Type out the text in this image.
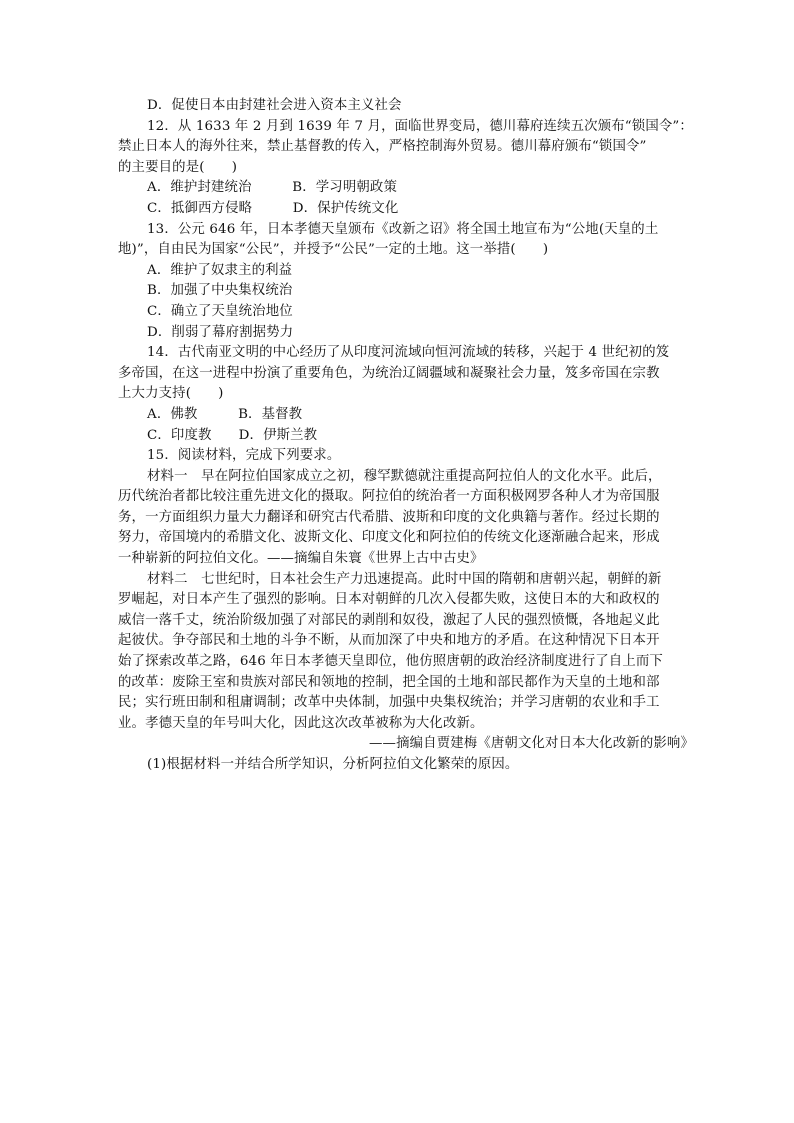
D．促使日本由封建社会进入资本主义社会
12．从 1633 年 2 月到 1639 年 7 月，面临世界变局，德川幕府连续五次颁布“锁国令”：
禁止日本人的海外往来，禁止基督教的传入，严格控制海外贸易。德川幕府颁布“锁国令”
的主要目的是(　　)
A．维护封建统治　　　B．学习明朝政策
C．抵御西方侵略　　　D．保护传统文化
13．公元 646 年，日本孝德天皇颁布《改新之诏》将全国土地宣布为“公地(天皇的土
地)”，自由民为国家“公民”，并授予“公民”一定的土地。这一举措(　　)
A．维护了奴隶主的利益
B．加强了中央集权统治
C．确立了天皇统治地位
D．削弱了幕府割据势力
14．古代南亚文明的中心经历了从印度河流域向恒河流域的转移，兴起于 4 世纪初的笈
多帝国，在这一进程中扮演了重要角色，为统治辽阔疆域和凝聚社会力量，笈多帝国在宗教
上大力支持(　　)
A．佛教　　　B．基督教
C．印度教　　D．伊斯兰教
15．阅读材料，完成下列要求。
材料一　早在阿拉伯国家成立之初，穆罕默德就注重提高阿拉伯人的文化水平。此后，
历代统治者都比较注重先进文化的摄取。阿拉伯的统治者一方面积极网罗各种人才为帝国服
务，一方面组织力量大力翻译和研究古代希腊、波斯和印度的文化典籍与著作。经过长期的
努力，帝国境内的希腊文化、波斯文化、印度文化和阿拉伯的传统文化逐渐融合起来，形成
一种崭新的阿拉伯文化。——摘编自朱寰《世界上古中古史》
材料二　七世纪时，日本社会生产力迅速提高。此时中国的隋朝和唐朝兴起，朝鲜的新
罗崛起，对日本产生了强烈的影响。日本对朝鲜的几次入侵都失败，这使日本的大和政权的
威信一落千丈，统治阶级加强了对部民的剥削和奴役，激起了人民的强烈愤慨，各地起义此
起彼伏。争夺部民和土地的斗争不断，从而加深了中央和地方的矛盾。在这种情况下日本开
始了探索改革之路，646 年日本孝德天皇即位，他仿照唐朝的政治经济制度进行了自上而下
的改革：废除王室和贵族对部民和领地的控制，把全国的土地和部民都作为天皇的土地和部
民；实行班田制和租庸调制；改革中央体制，加强中央集权统治；并学习唐朝的农业和手工
业。孝德天皇的年号叫大化，因此这次改革被称为大化改新。
——摘编自贾建梅《唐朝文化对日本大化改新的影响》
(1)根据材料一并结合所学知识，分析阿拉伯文化繁荣的原因。
